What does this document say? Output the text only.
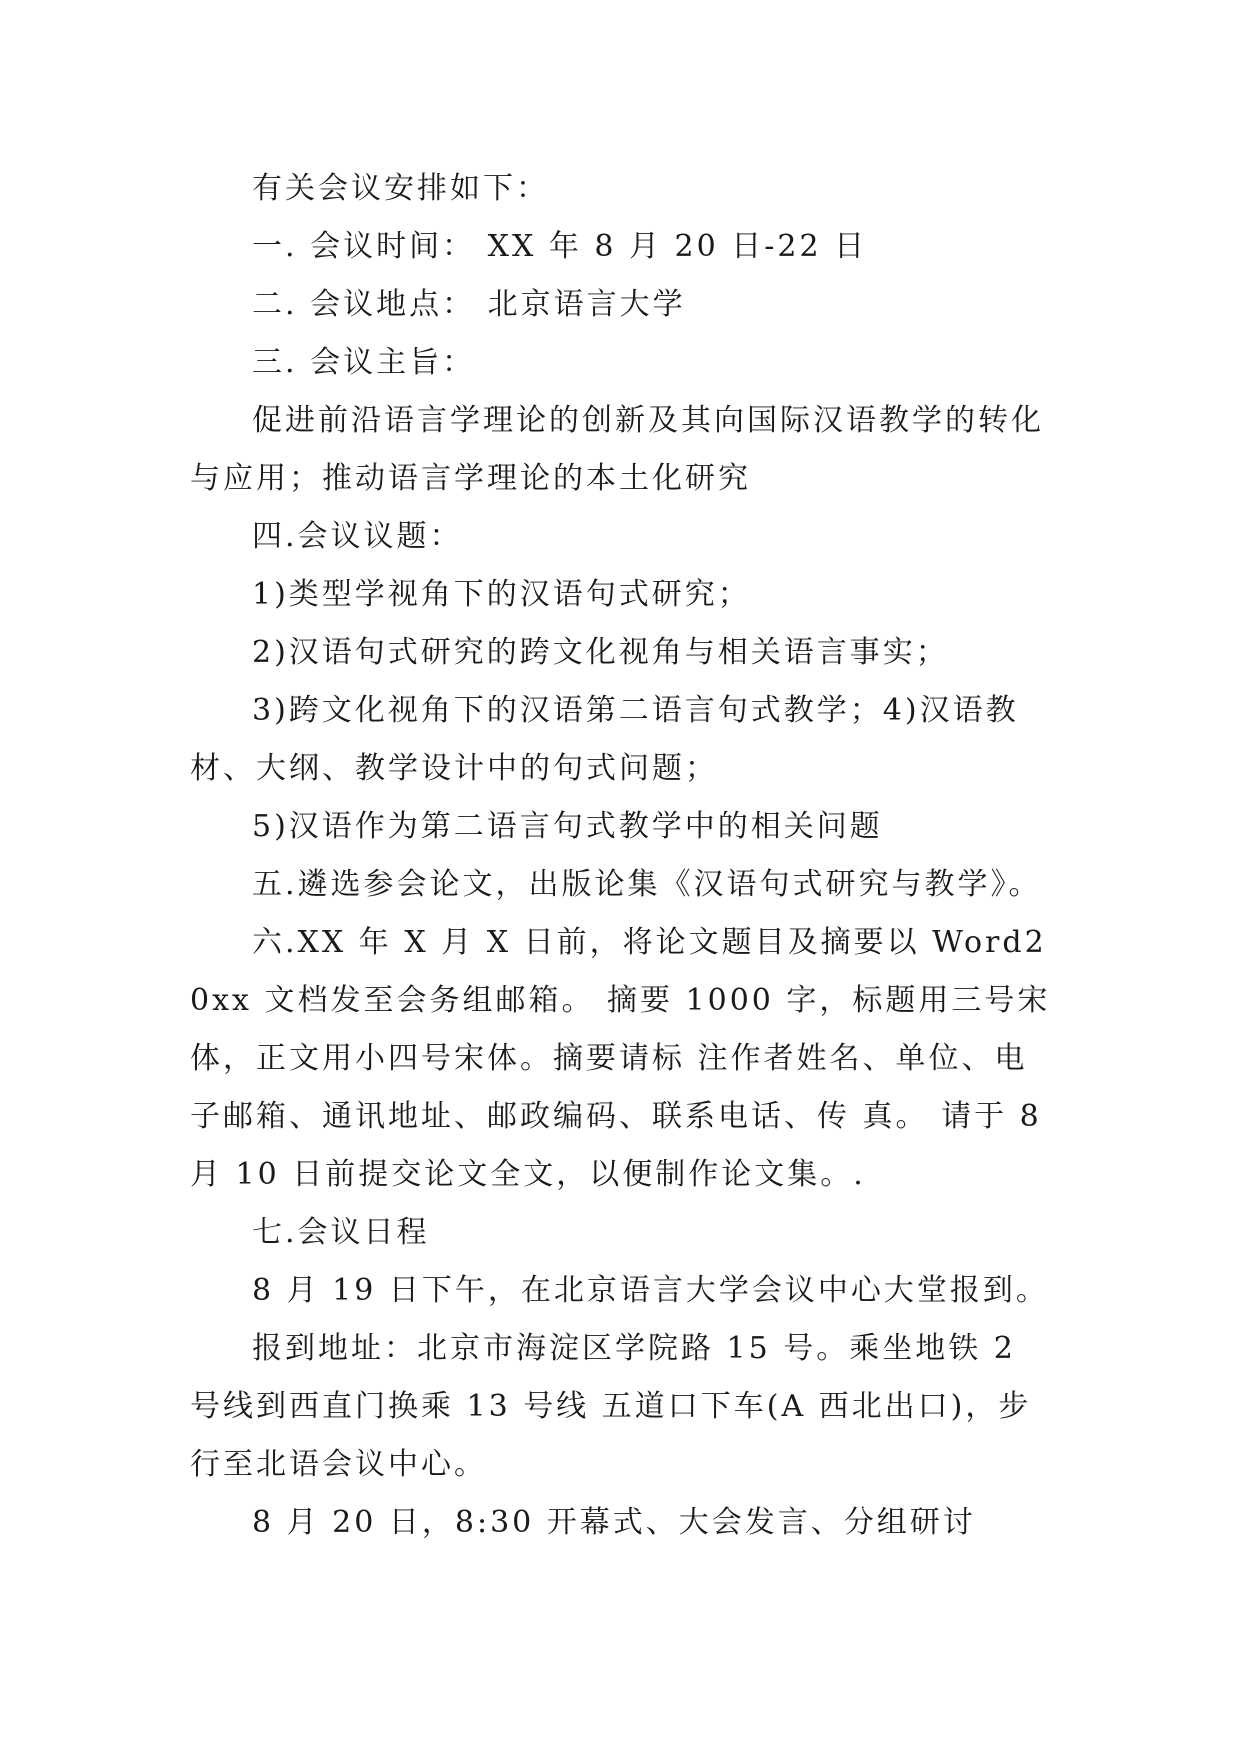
有关会议安排如下：

一. 会议时间： XX 年 8 月 20 日-22 日

二. 会议地点： 北京语言大学

三. 会议主旨：

促进前沿语言学理论的创新及其向国际汉语教学的转化与应用；推动语言学理论的本土化研究

四.会议议题：

1)类型学视角下的汉语句式研究；

2)汉语句式研究的跨文化视角与相关语言事实；

3)跨文化视角下的汉语第二语言句式教学；4)汉语教材、大纲、教学设计中的句式问题；

5)汉语作为第二语言句式教学中的相关问题

五.遴选参会论文，出版论集《汉语句式研究与教学》。

六.XX 年 X 月 X 日前，将论文题目及摘要以 Word20xx 文档发至会务组邮箱。 摘要 1000 字，标题用三号宋体，正文用小四号宋体。摘要请标 注作者姓名、单位、电子邮箱、通讯地址、邮政编码、联系电话、传 真。 请于 8 月 10 日前提交论文全文，以便制作论文集。.

七.会议日程

8 月 19 日下午，在北京语言大学会议中心大堂报到。

报到地址：北京市海淀区学院路 15 号。乘坐地铁 2 号线到西直门换乘 13 号线 五道口下车(A 西北出口)，步行至北语会议中心。

8 月 20 日，8:30 开幕式、大会发言、分组研讨
